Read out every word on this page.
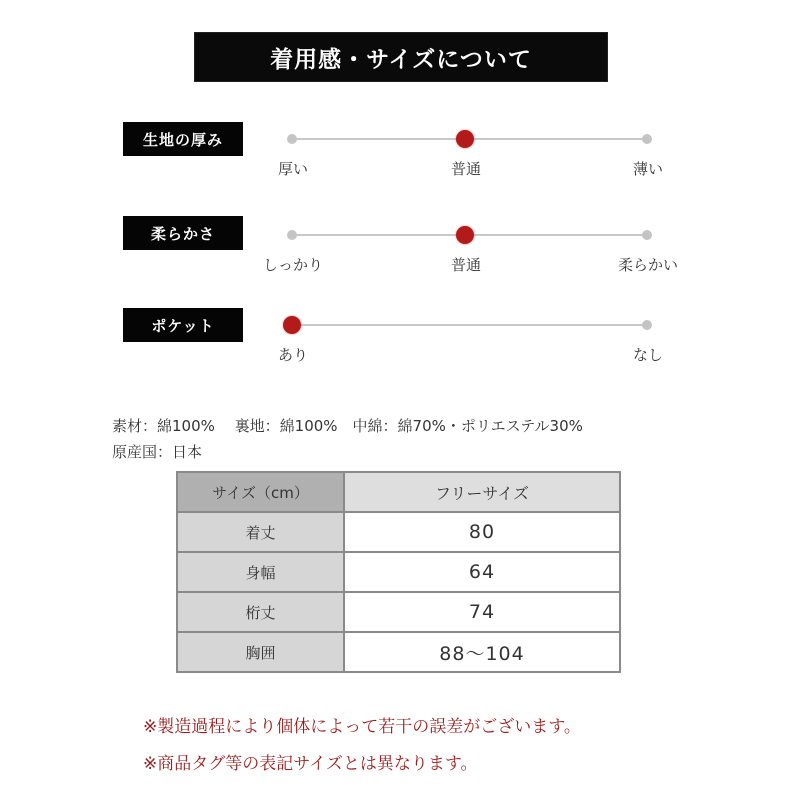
着用感・サイズについて
生地の厚み
厚い	普通	薄い
柔らかさ
しっかり	普通	柔らかい
ポケット
あり	なし
素材：綿100%　 裏地：綿100%　中綿：綿70%・ポリエステル30%
原産国：日本
サイズ（cm）	フリーサイズ
着丈	80
身幅	64
桁丈	74
胸囲	88〜104
※製造過程により個体によって若干の誤差がございます。
※商品タグ等の表記サイズとは異なります。
